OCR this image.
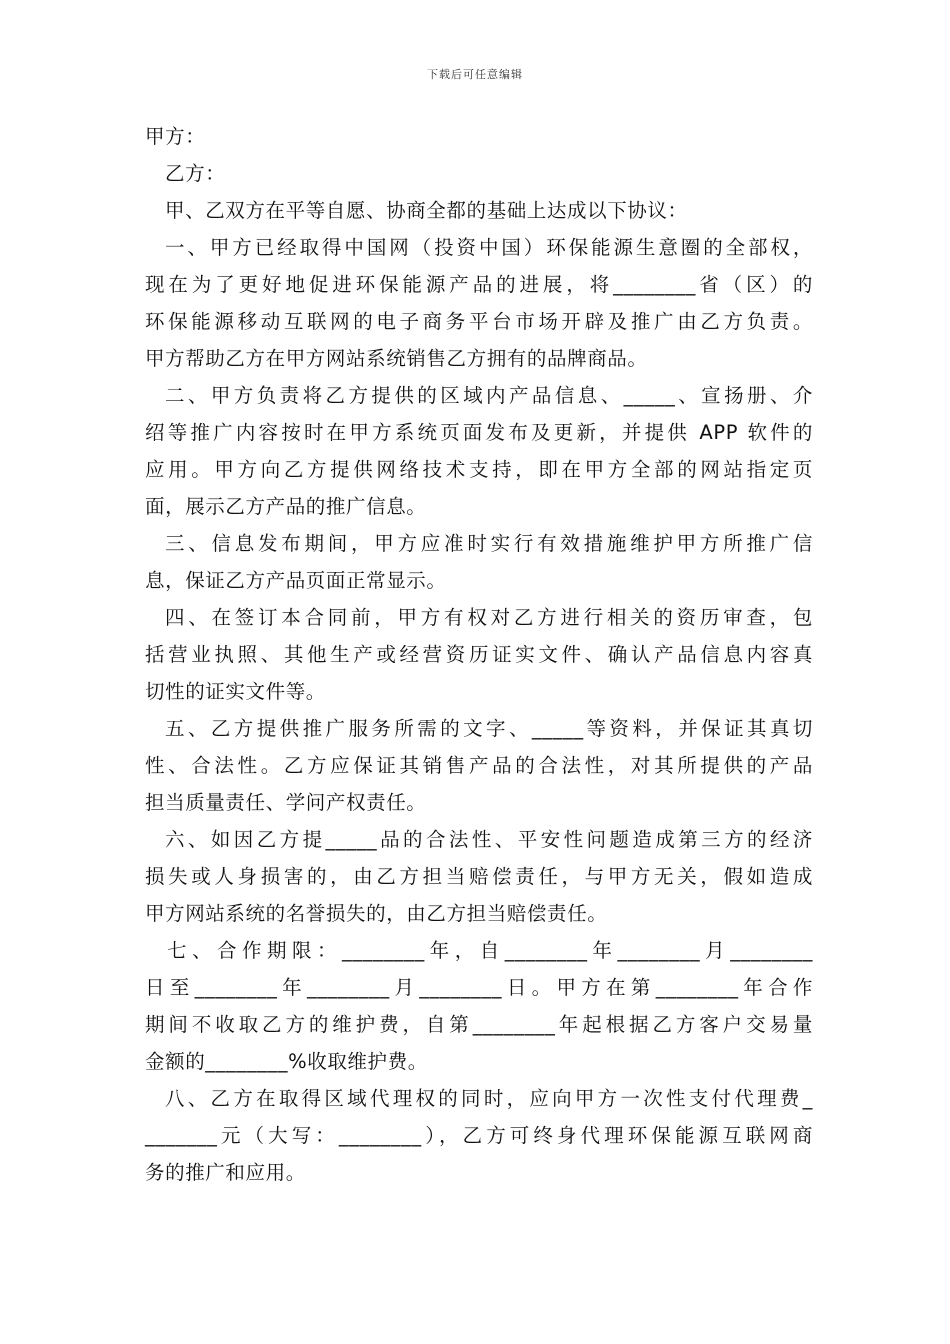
下载后可任意编辑
甲方：
乙方：
甲、乙双方在平等自愿、协商全都的基础上达成以下协议：
一、甲方已经取得中国网（投资中国）环保能源生意圈的全部权，
现在为了更好地促进环保能源产品的进展，将________省（区）的
环保能源移动互联网的电子商务平台市场开辟及推广由乙方负责。
甲方帮助乙方在甲方网站系统销售乙方拥有的品牌商品。
二、甲方负责将乙方提供的区域内产品信息、_____、宣扬册、介
绍等推广内容按时在甲方系统页面发布及更新，并提供 APP 软件的
应用。甲方向乙方提供网络技术支持，即在甲方全部的网站指定页
面，展示乙方产品的推广信息。
三、信息发布期间，甲方应准时实行有效措施维护甲方所推广信
息，保证乙方产品页面正常显示。
四、在签订本合同前，甲方有权对乙方进行相关的资历审查，包
括营业执照、其他生产或经营资历证实文件、确认产品信息内容真
切性的证实文件等。
五、乙方提供推广服务所需的文字、_____等资料，并保证其真切
性、合法性。乙方应保证其销售产品的合法性，对其所提供的产品
担当质量责任、学问产权责任。
六、如因乙方提_____品的合法性、平安性问题造成第三方的经济
损失或人身损害的，由乙方担当赔偿责任，与甲方无关，假如造成
甲方网站系统的名誉损失的，由乙方担当赔偿责任。
七、合作期限：________年，自________年________月________
日至________年________月________日。甲方在第________年合作
期间不收取乙方的维护费，自第________年起根据乙方客户交易量
金额的________%收取维护费。
八、乙方在取得区域代理权的同时，应向甲方一次性支付代理费_
_______元（大写：________），乙方可终身代理环保能源互联网商
务的推广和应用。
